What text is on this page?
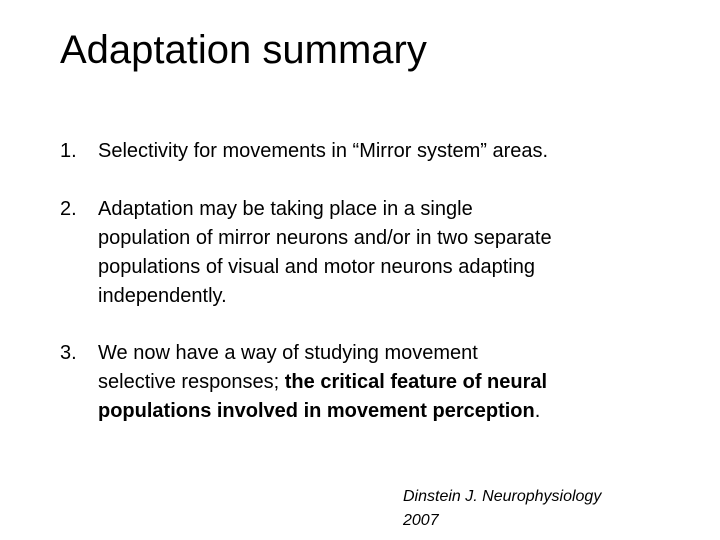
Adaptation summary
1.	Selectivity for movements in “Mirror system” areas.
2.	Adaptation may be taking place in a single
population of mirror neurons and/or in two separate
populations of visual and motor neurons adapting
independently.
3.	We now have a way of studying movement
selective responses; the critical feature of neural
populations involved in movement perception.
Dinstein J. Neurophysiology
2007
